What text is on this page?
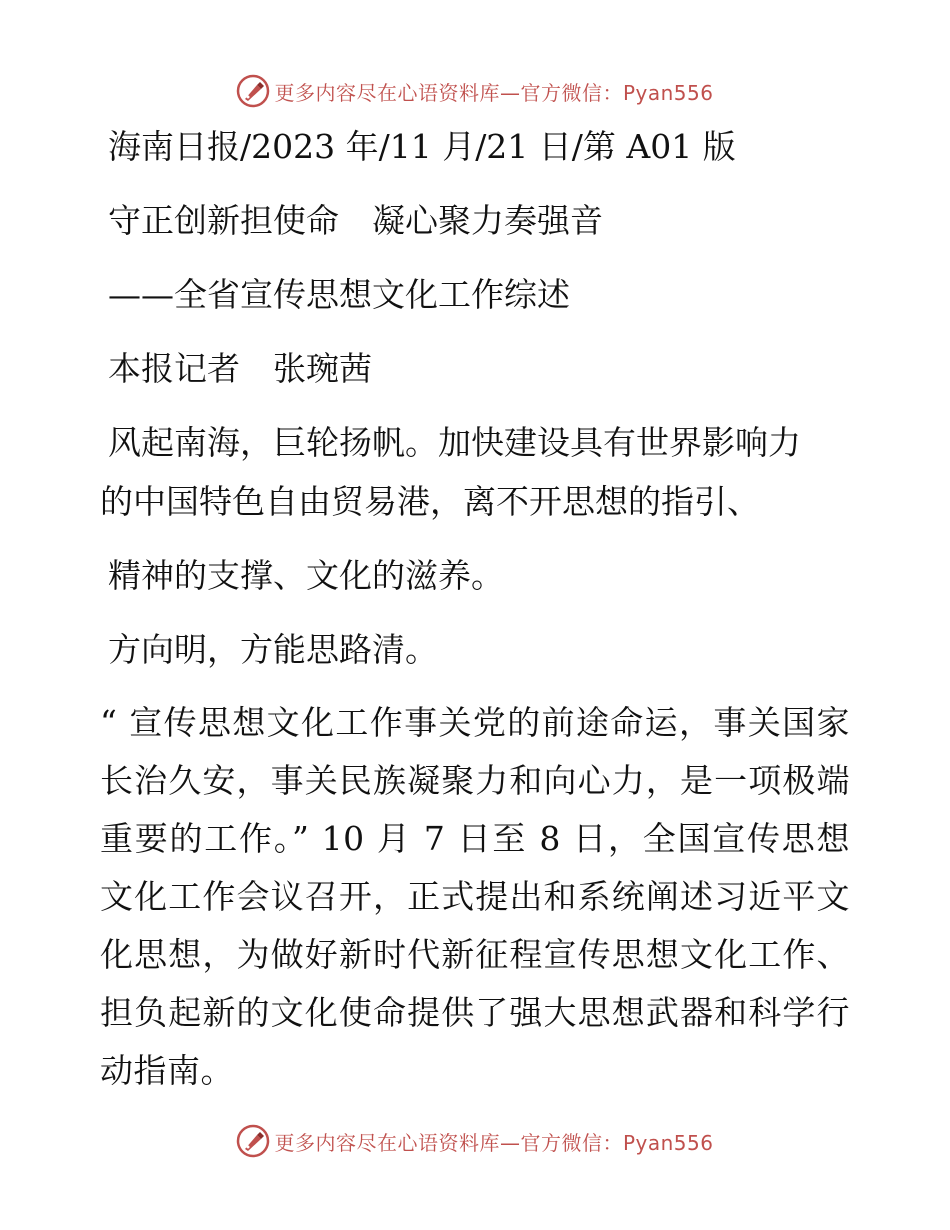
更多内容尽在心语资料库—官方微信：Pyan556
海南日报/2023 年/11 月/21 日/第 A01 版
守正创新担使命　凝心聚力奏强音
——全省宣传思想文化工作综述
本报记者　张琬茜
风起南海，巨轮扬帆。加快建设具有世界影响力
的中国特色自由贸易港，离不开思想的指引、
精神的支撑、文化的滋养。
方向明，方能思路清。
“ 宣传思想文化工作事关党的前途命运，事关国家长治久安，事关民族凝聚力和向心力，是一项极端重要的工作。” 10 月 7 日至 8 日，全国宣传思想文化工作会议召开，正式提出和系统阐述习近平文化思想，为做好新时代新征程宣传思想文化工作、担负起新的文化使命提供了强大思想武器和科学行动指南。
更多内容尽在心语资料库—官方微信：Pyan556
